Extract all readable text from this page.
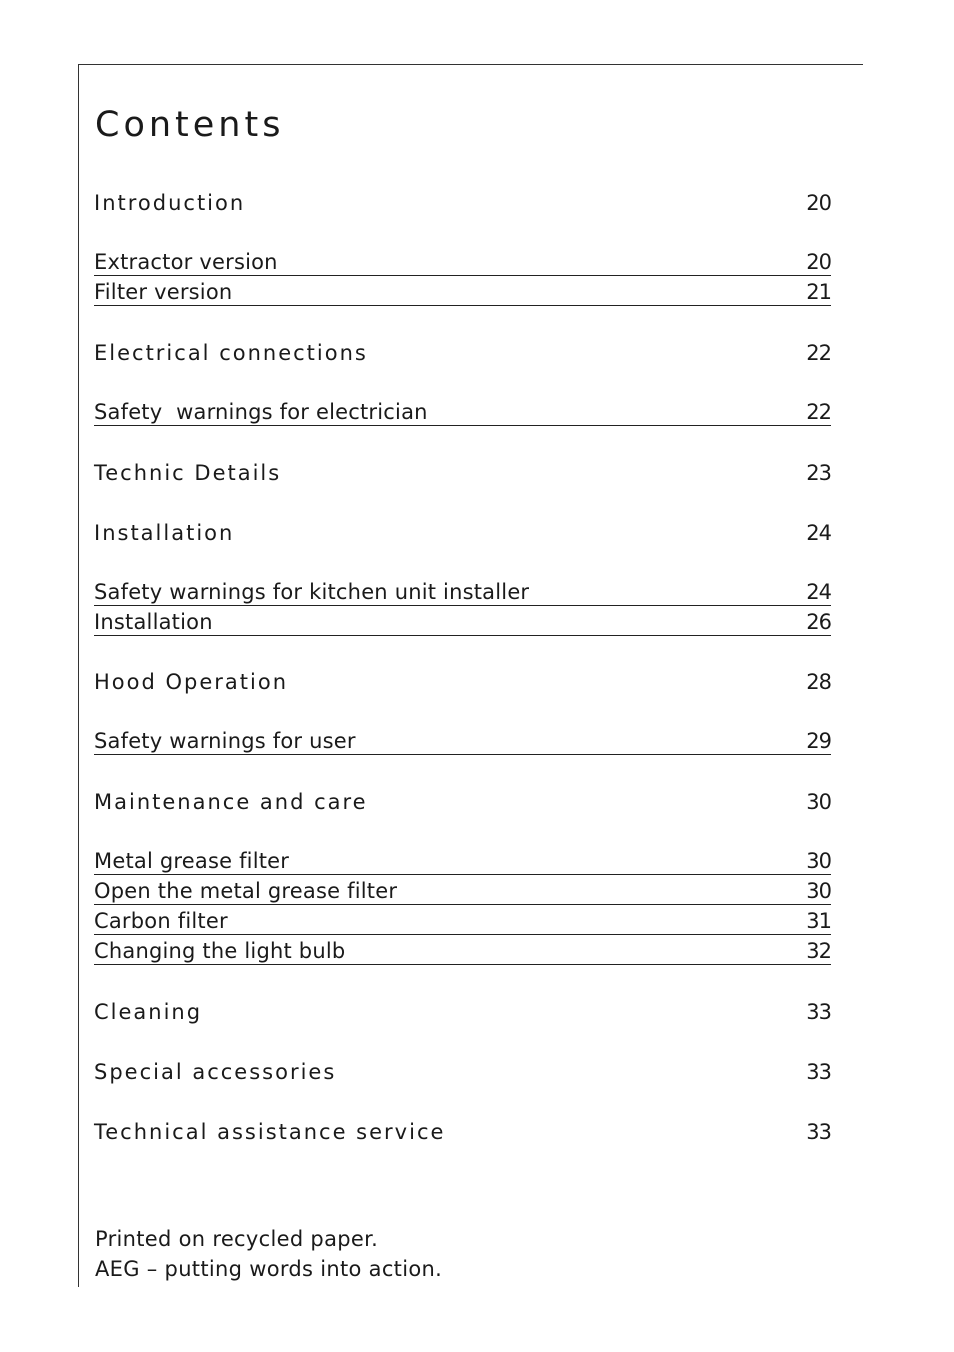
Contents
Introduction	20
Extractor version	20
Filter version	21
Electrical connections	22
Safety  warnings for electrician	22
Technic Details	23
Installation	24
Safety warnings for kitchen unit installer	24
Installation	26
Hood Operation	28
Safety warnings for user	29
Maintenance and care	30
Metal grease filter	30
Open the metal grease filter	30
Carbon filter	31
Changing the light bulb	32
Cleaning	33
Special accessories	33
Technical assistance service	33
Printed on recycled paper.
AEG – putting words into action.
